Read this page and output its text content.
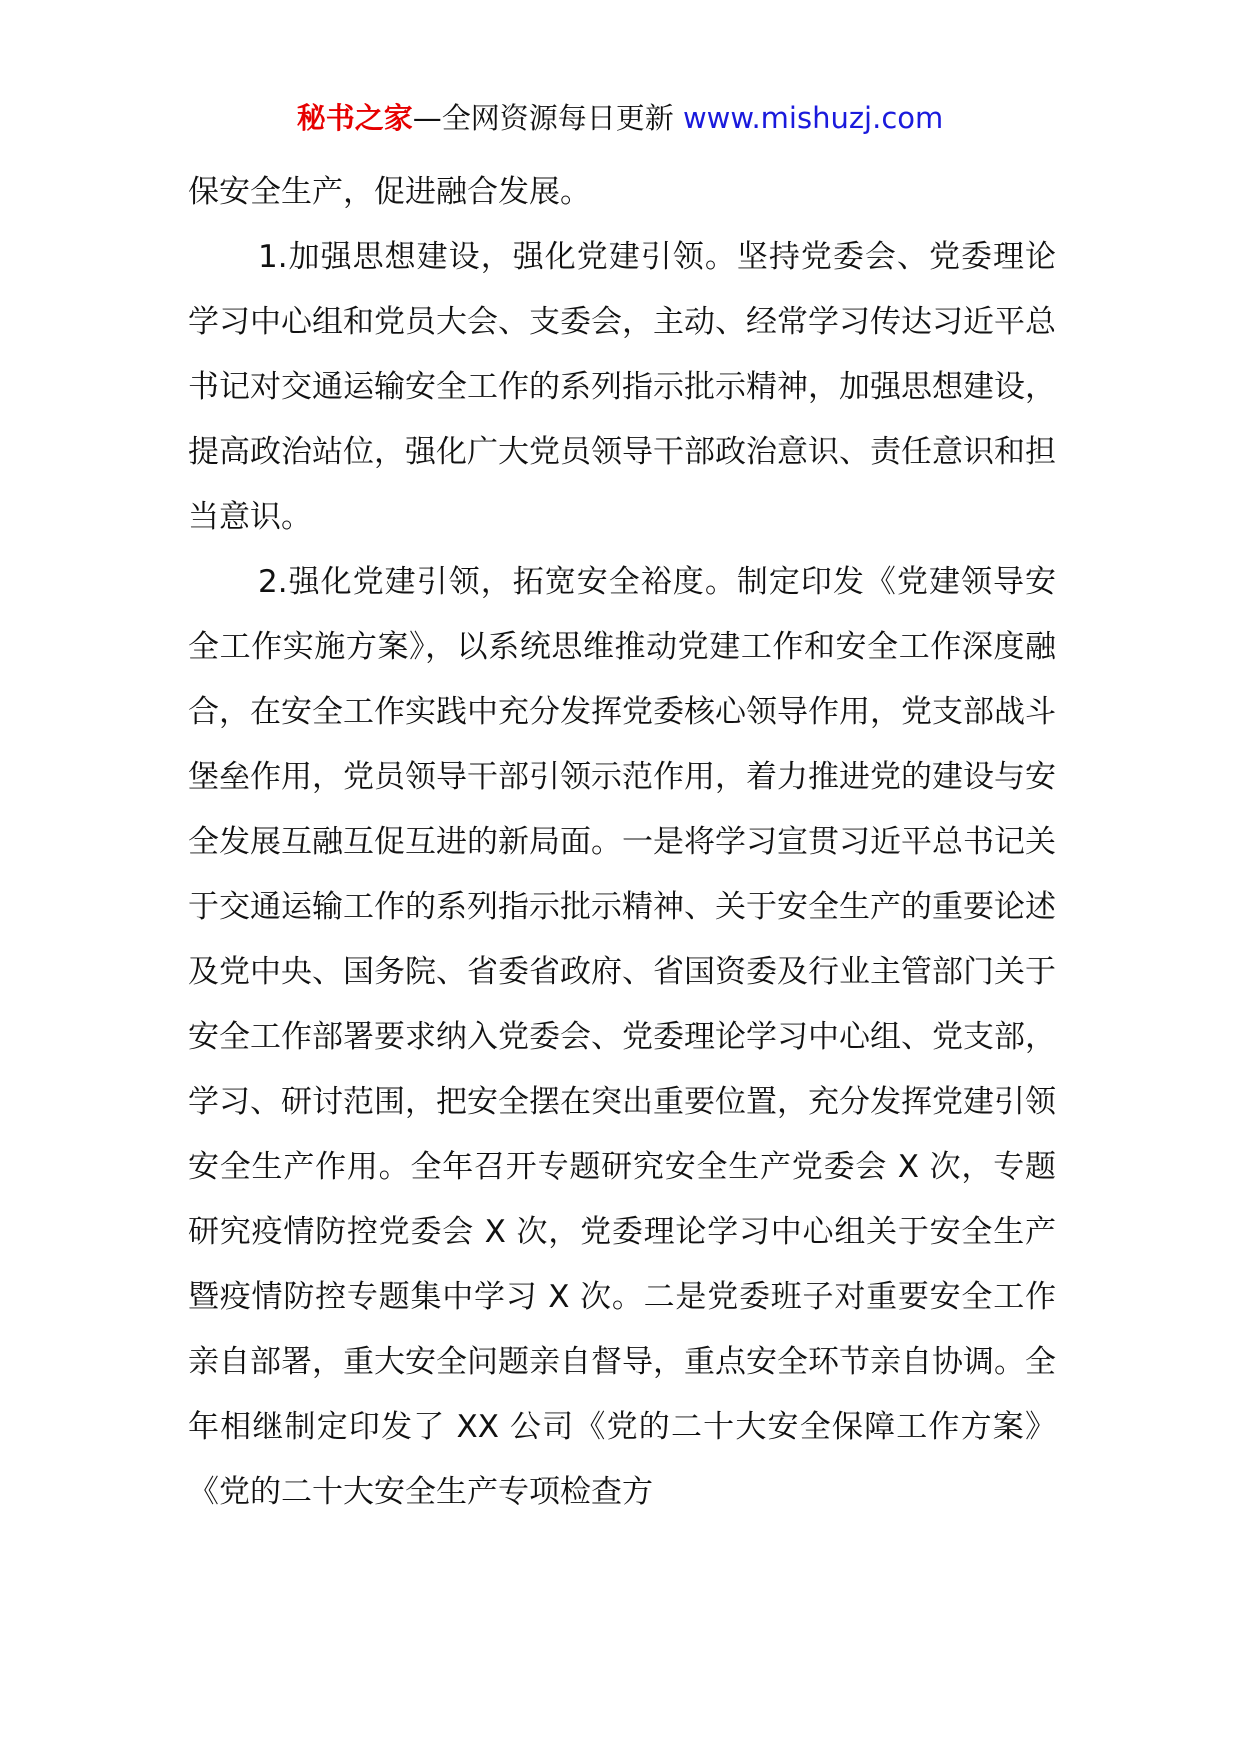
秘书之家—全网资源每日更新 www.mishuzj.com

保安全生产，促进融合发展。

1.加强思想建设，强化党建引领。坚持党委会、党委理论学习中心组和党员大会、支委会，主动、经常学习传达习近平总书记对交通运输安全工作的系列指示批示精神，加强思想建设，提高政治站位，强化广大党员领导干部政治意识、责任意识和担当意识。

2.强化党建引领，拓宽安全裕度。制定印发《党建领导安全工作实施方案》，以系统思维推动党建工作和安全工作深度融合，在安全工作实践中充分发挥党委核心领导作用，党支部战斗堡垒作用，党员领导干部引领示范作用，着力推进党的建设与安全发展互融互促互进的新局面。一是将学习宣贯习近平总书记关于交通运输工作的系列指示批示精神、关于安全生产的重要论述及党中央、国务院、省委省政府、省国资委及行业主管部门关于安全工作部署要求纳入党委会、党委理论学习中心组、党支部，学习、研讨范围，把安全摆在突出重要位置，充分发挥党建引领安全生产作用。全年召开专题研究安全生产党委会 X 次，专题研究疫情防控党委会 X 次，党委理论学习中心组关于安全生产暨疫情防控专题集中学习 X 次。二是党委班子对重要安全工作亲自部署，重大安全问题亲自督导，重点安全环节亲自协调。全年相继制定印发了 XX 公司《党的二十大安全保障工作方案》《党的二十大安全生产专项检查方
